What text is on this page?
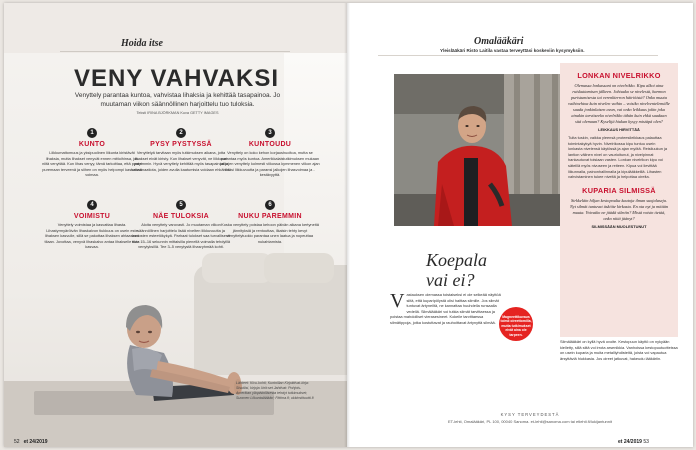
Hoida itse
VENY VAHVAKSI
Venyttely parantaa kuntoa, vahvistaa lihaksia ja kehittää tasapainoa. Jo muutaman viikon säännöllinen harjoittelu tuo tuloksia.
Teksti IRINA BJÖRKMAN Kuva GETTY IMAGES
1
KUNTO
Liikkumattomuus ja yksipuolinen liikunta kiristävät lihaksia, mutta lihakset venyvät ennen mittoihinsa, jos niitä venyttää. Kun lihas venyy, tämä tarkoittaa, että pystyt puremaan terveenä ja siihen on myös helpompi kasvattaa voimaa.
2
PYSY PYSTYSSÄ
Venyttelyä tarvitaan myös tutkimuksen aikana, jotta lihakset eivät kiristy. Kun lihakset venyvät, ne liikkuvat paremmin. Hyvä venyttely kehittää myös tasapainoa ja koordinaatiota, joiden avulla kaatumisia voidaan ehkäistä.
3
KUNTOUDU
Venyttely on koko kehon korjaushuoltoa, mutta se parantaa myös kuntoa. Amerikkalaistutkimuksen mukaan jalkojen venyttely kolmesti viikossa kymmenen viikon ajan lisäsi liikkuvuutta ja paransi jalkojen lihasvoimaa ja -kestävyyttä.
4
VOIMISTU
Venyttely voimistaa ja kasvattaa lihasta. Lihastyrmyäröivän lihaskalvon tiukkuus on usein este lihaksen kasvulle, sillä se pakottaa lihaksen ahtaaseen tilaan. Jovottaa, venyvä lihaskalvo antaa lihakselle tilaa kasvaa.
5
NÄE TULOKSIA
Aloita venyttely varovasti. Jo muutaman viikon säännöllinen harjoittelu lisää nivelten liikkuvuutta ja kudosten esteetökykyä. Parhaat tulokset saa turvallisesti noin 15–16 sekunnin mittaisilla pienellä voimalla tehdyillä venytyksillä. Tee 3–5 venytystä lihasryhmää kohti.
6
NUKU PAREMMIN
Koska venyttely poistaa kehoon päivän aikana kertyneitä jännityksiä ja rentouttaa, ilkaisin tehty kevyt venyttelytuokio parantaa unen laatua ja nopeuttaa nukahtamista.
Lähteet: Kivu-kohti; Kuntoillan Kirjoittivat-kirja: Sisutlisi, kirjoja Unit:set Jahtivat: Pohjois-Amerikan yliopistollisesta tehdyt tutkimukset; Suomen Liikuntalääkäri; Fittima.fi; ukkinstituutti.fi
52 et 24/2019
Omalääkäri
Yleislääkäri Risto Laitila vastaa terveyttäsi koskeviin kysymyksiin.
LONKAN NIVELRIKKO
Olemassa lonkassani on nivelrikko. Kipu alkoi aina ruiskuttamisen jälkeen. Johtuuko se nivelestä, harmon puristumisesta tai verenkierron häiriöistä? Onko muuta vaihtoehtoa kuin nivelen vaihto – voisiko nivelventelemälle saada jonkinlaisen avun, vai onko leikkaus jokin joka ainakin tarvitseeko nivelrikko tähän kuin ehkä saadaan sitä olemaan? Kyselijä hiukan kysyy mistäpä olen?
LEIKKAUS HIRVITTÄÄ
Tulta tuskin, vaikka yleensä proteesileikkaus palauttaa toimintakykyä hyvin. Nivelrikossa kipu tuntuu usein lonkasta nivelensä käytössä ja ajan myötä. Reisiluukun ja lantion välinen nivel on vaurioitunut, ja nivelpinnat hankautuvat toisiaan vasten. Lonkan nivelrikon kipu voi säteillä myös nivuseen ja reiteen. Kipua voi lievittää liikunnalla, painonhallinnalla ja kipulääkkeillä. Lihasten vahvistaminen tukee niveltä ja helpottaa oireita.
KUPARIA SILMISSÄ
Sirkkeläin hiljan kestopoulta kautoja ilman suojalaseja. Nyt silmät tuntuvat äsköite kirkasta. En ota nyt ja mitään muuta. Voivatko ne jäädä silmiin? Mistä voisin tietää, onko niitä jäänyt?
SILMISSÄÄN MUOLESTUNUT
Koepala vai ei?
Vastauksen olemassa toistaiseksi ei ole selkeää näyttöä siitä, että kuparipölystä olisi haittaa silmille. Jos silmät tuntuvat ärtyneiltä, ne kannattaa huuhdella runsaalla vedellä. Silmälääkäri voi tutkia silmät tarvittaessa ja poistaa mahdolliset vierasesineet. Kokeile tarvittaessa silmätippoja, jotka kostuttavat ja rauhoittavat ärtynyttä silmää.
Magneettikuvaus toimii oireettomilla, mutta tutkimukset eivät aina ole tarpeen.
Silmälääkäri on kyllä hyvä ovoite. Kestopuun käyttö on nykyään kielletty, sillä siitä voi irrota arsenikkia. Vanhoissa kestopuutuotteissa on usein kuparia ja muita metalliyhdisteitä, joista voi vapautua ärsyttäviä hiukkasia. Jos oireet jatkuvat, hakeudu lääkäriin.
KYSY TERVEYDESTÄ
ET-lehti, Omalääkäri, PL 100, 00040 Sanoma. et-lehti@sanoma.com tai etlehti.fi/lukijantunnit
et 24/2019 53
